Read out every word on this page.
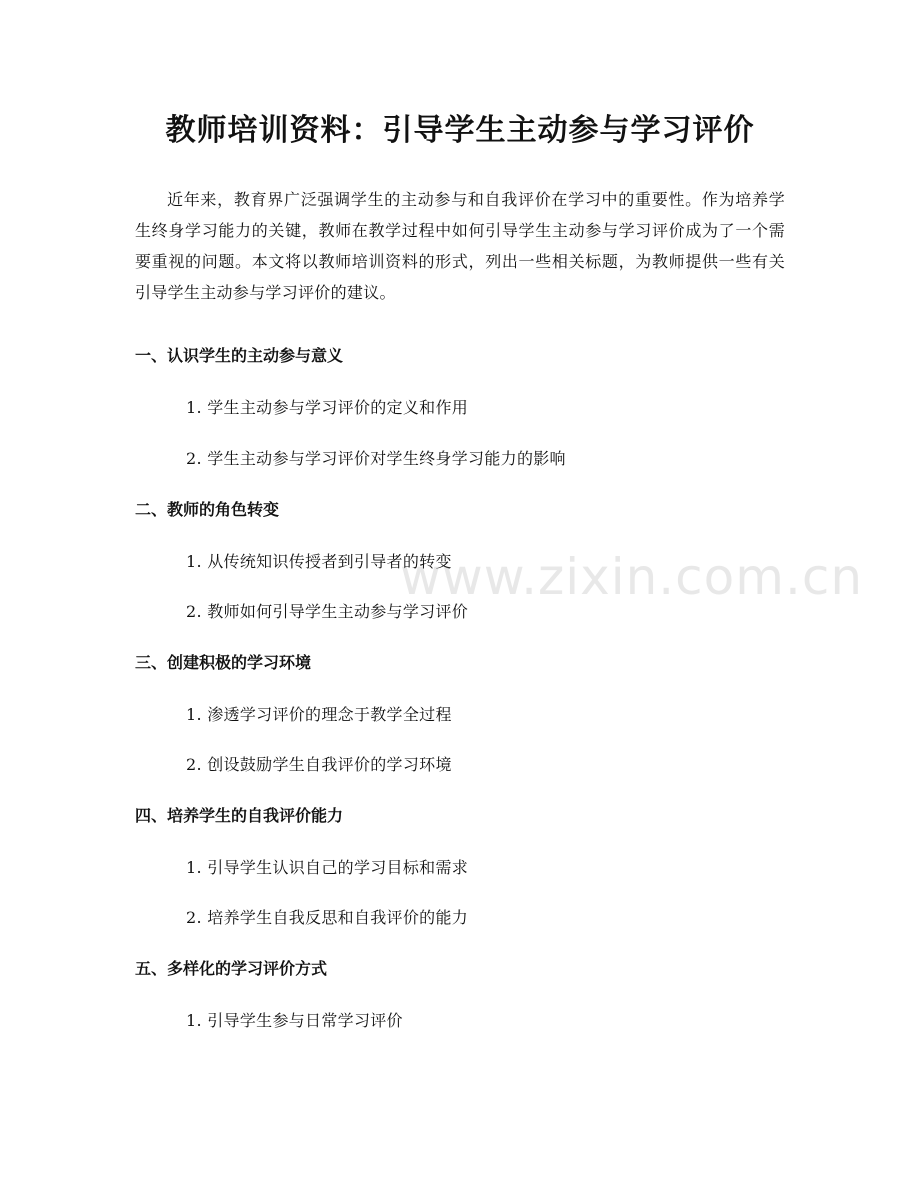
教师培训资料：引导学生主动参与学习评价
近年来，教育界广泛强调学生的主动参与和自我评价在学习中的重要性。作为培养学生终身学习能力的关键，教师在教学过程中如何引导学生主动参与学习评价成为了一个需要重视的问题。本文将以教师培训资料的形式，列出一些相关标题，为教师提供一些有关引导学生主动参与学习评价的建议。
一、认识学生的主动参与意义
1. 学生主动参与学习评价的定义和作用
2. 学生主动参与学习评价对学生终身学习能力的影响
二、教师的角色转变
1. 从传统知识传授者到引导者的转变
2. 教师如何引导学生主动参与学习评价
三、创建积极的学习环境
1. 渗透学习评价的理念于教学全过程
2. 创设鼓励学生自我评价的学习环境
四、培养学生的自我评价能力
1. 引导学生认识自己的学习目标和需求
2. 培养学生自我反思和自我评价的能力
五、多样化的学习评价方式
1. 引导学生参与日常学习评价
www.zixin.com.cn
